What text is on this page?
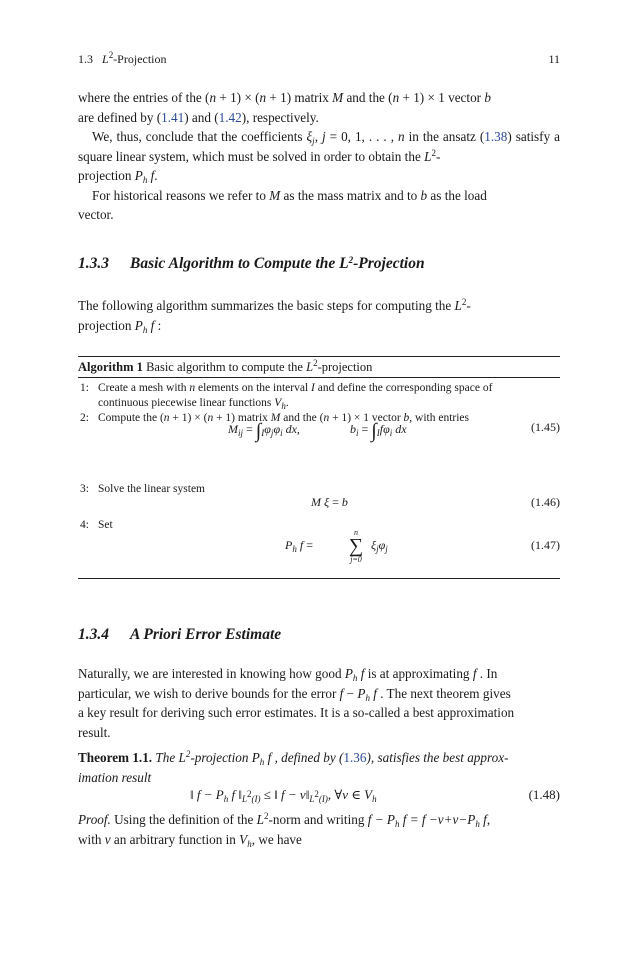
1.3 $L^2$-Projection	11

where the entries of the (n + 1) × (n + 1) matrix M and the (n + 1) × 1 vector b
are defined by (1.41) and (1.42), respectively.

We, thus, conclude that the coefficients $\xi_j$, j = 0, 1, . . . , n in the ansatz (1.38) satisfy a square linear system, which must be solved in order to obtain the $L^2-$
projection $P_h$ f.

For historical reasons we refer to M as the mass matrix and to b as the load
vector.

1.3.3 Basic Algorithm to Compute the $L^2$-Projection

The following algorithm summarizes the basic steps for computing the $L^2-$
projection $P_h$ f :

Algorithm 1 Basic algorithm to compute the $L^2$-projection
1: Create a mesh with n elements on the interval I and define the corresponding space of
continuous piecewise linear functions $V_h$.
2: Compute the (n + 1) × (n + 1) matrix M and the (n + 1) × 1 vector b, with entries
$M_{ij} = \int_I\varphi_j\varphi_i$ dx,	$b_i = \int_If\varphi_i$ dx	(1.45)
3: Solve the linear system
M ξ = b	(1.46)
4: Set
$P_h$ f =
n
∑
j=0
$\xi_j\varphi_j$	(1.47)
1.3.4 A Priori Error Estimate

Naturally, we are interested in knowing how good $P_h$ f is at approximating f . In
particular, we wish to derive bounds for the error $f - P_h$ f . The next theorem gives
a key result for deriving such error estimates. It is a so-called a best approximation
result.

Theorem 1.1. The $L^2$-projection $P_h$ f , defined by (1.36), satisfies the best approx-
imation result

‖ $f - P_h$ f $‖_{L^2(I)}$ ≤ ‖ $f - v‖_{L^2(I)}$, ∀v ∈ $V_h$	(1.48)

Proof. Using the definition of the $L^2$-norm and writing $f - P_h$ $f = f -v+v-P_h$ f,
with v an arbitrary function in $V_h$, we have
